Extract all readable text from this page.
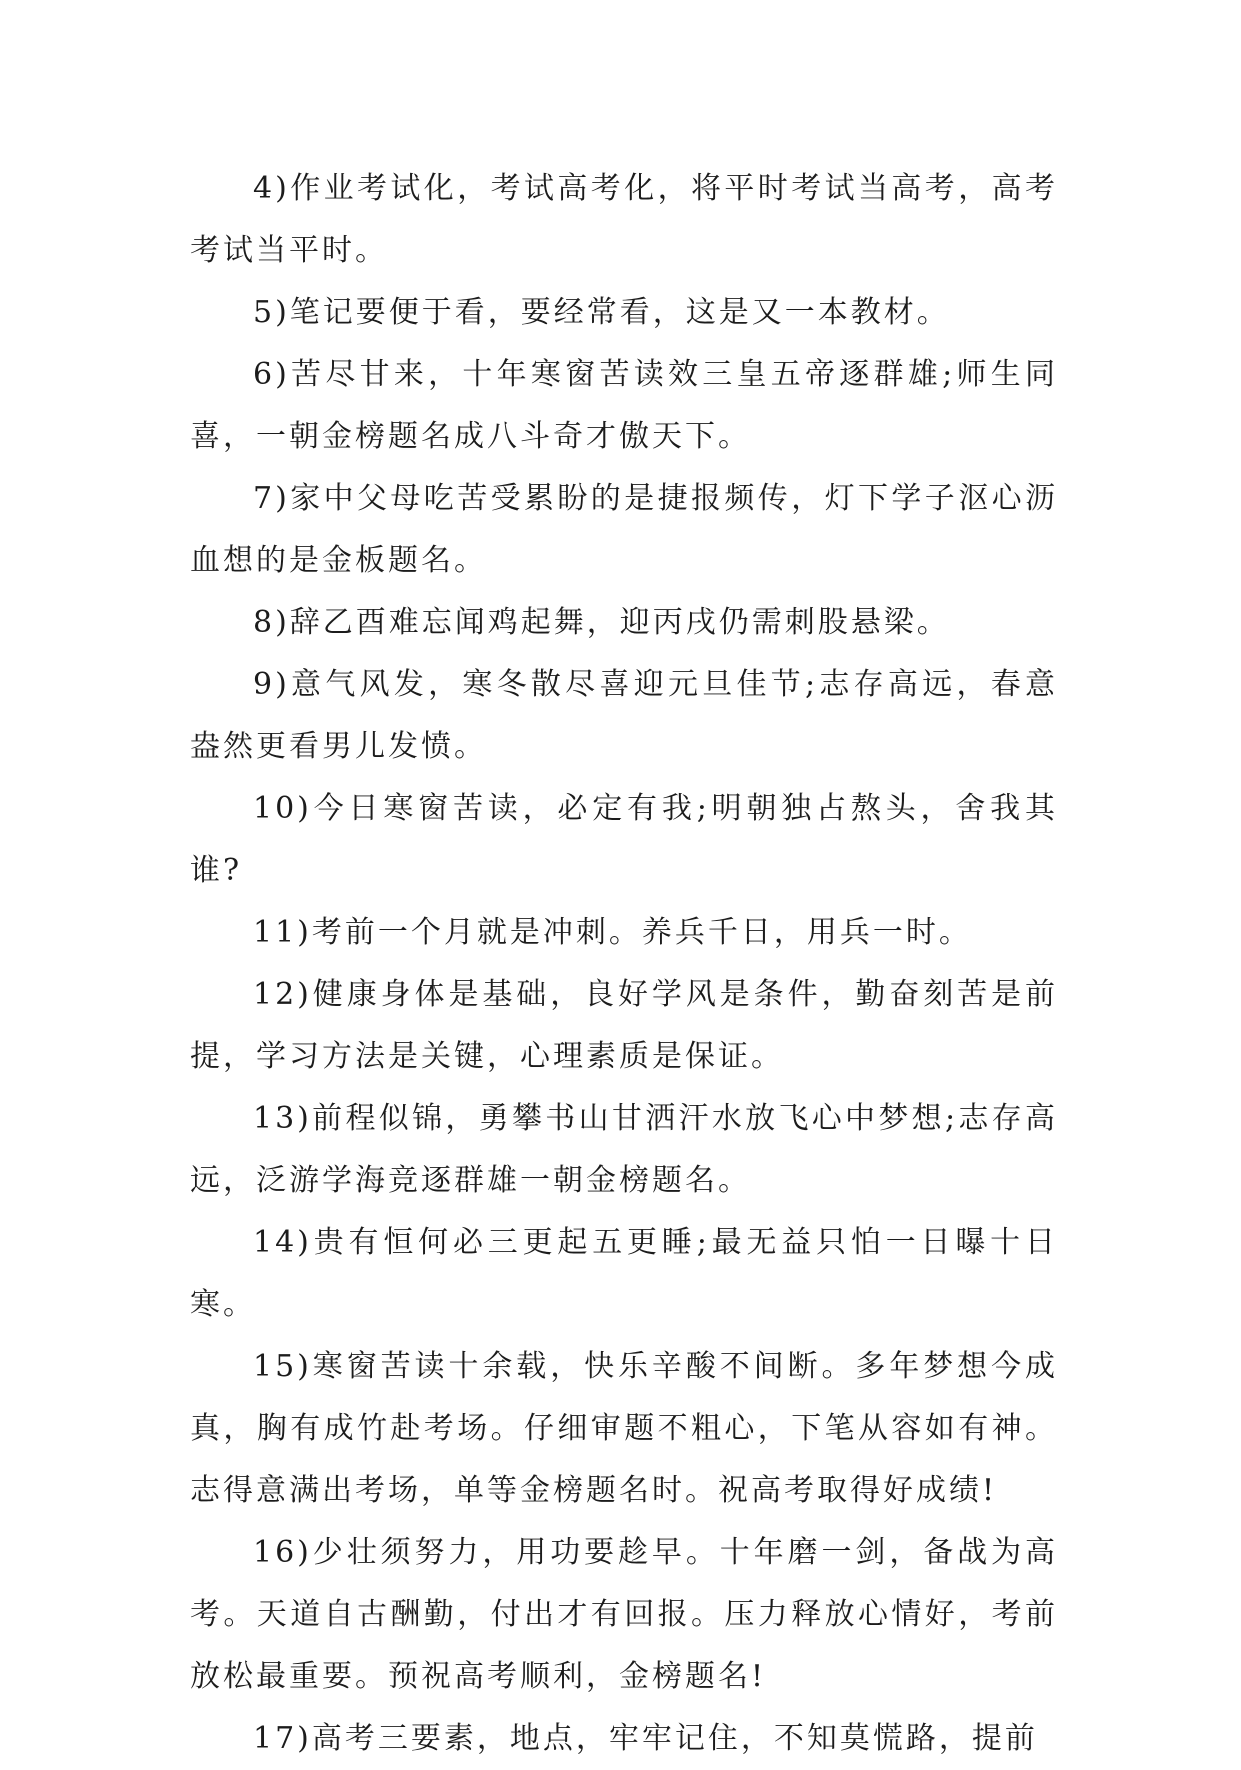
4)作业考试化，考试高考化，将平时考试当高考，高考考试当平时。

5)笔记要便于看，要经常看，这是又一本教材。

6)苦尽甘来，十年寒窗苦读效三皇五帝逐群雄;师生同喜，一朝金榜题名成八斗奇才傲天下。

7)家中父母吃苦受累盼的是捷报频传，灯下学子沤心沥血想的是金板题名。

8)辞乙酉难忘闻鸡起舞，迎丙戌仍需刺股悬梁。

9)意气风发，寒冬散尽喜迎元旦佳节;志存高远，春意盎然更看男儿发愤。

10)今日寒窗苦读，必定有我;明朝独占熬头，舍我其谁?

11)考前一个月就是冲刺。养兵千日，用兵一时。

12)健康身体是基础，良好学风是条件，勤奋刻苦是前提，学习方法是关键，心理素质是保证。

13)前程似锦，勇攀书山甘洒汗水放飞心中梦想;志存高远，泛游学海竞逐群雄一朝金榜题名。

14)贵有恒何必三更起五更睡;最无益只怕一日曝十日寒。

15)寒窗苦读十余载，快乐辛酸不间断。多年梦想今成真，胸有成竹赴考场。仔细审题不粗心，下笔从容如有神。志得意满出考场，单等金榜题名时。祝高考取得好成绩!

16)少壮须努力，用功要趁早。十年磨一剑，备战为高考。天道自古酬勤，付出才有回报。压力释放心情好，考前放松最重要。预祝高考顺利，金榜题名!

17)高考三要素，地点，牢牢记住，不知莫慌路，提前
